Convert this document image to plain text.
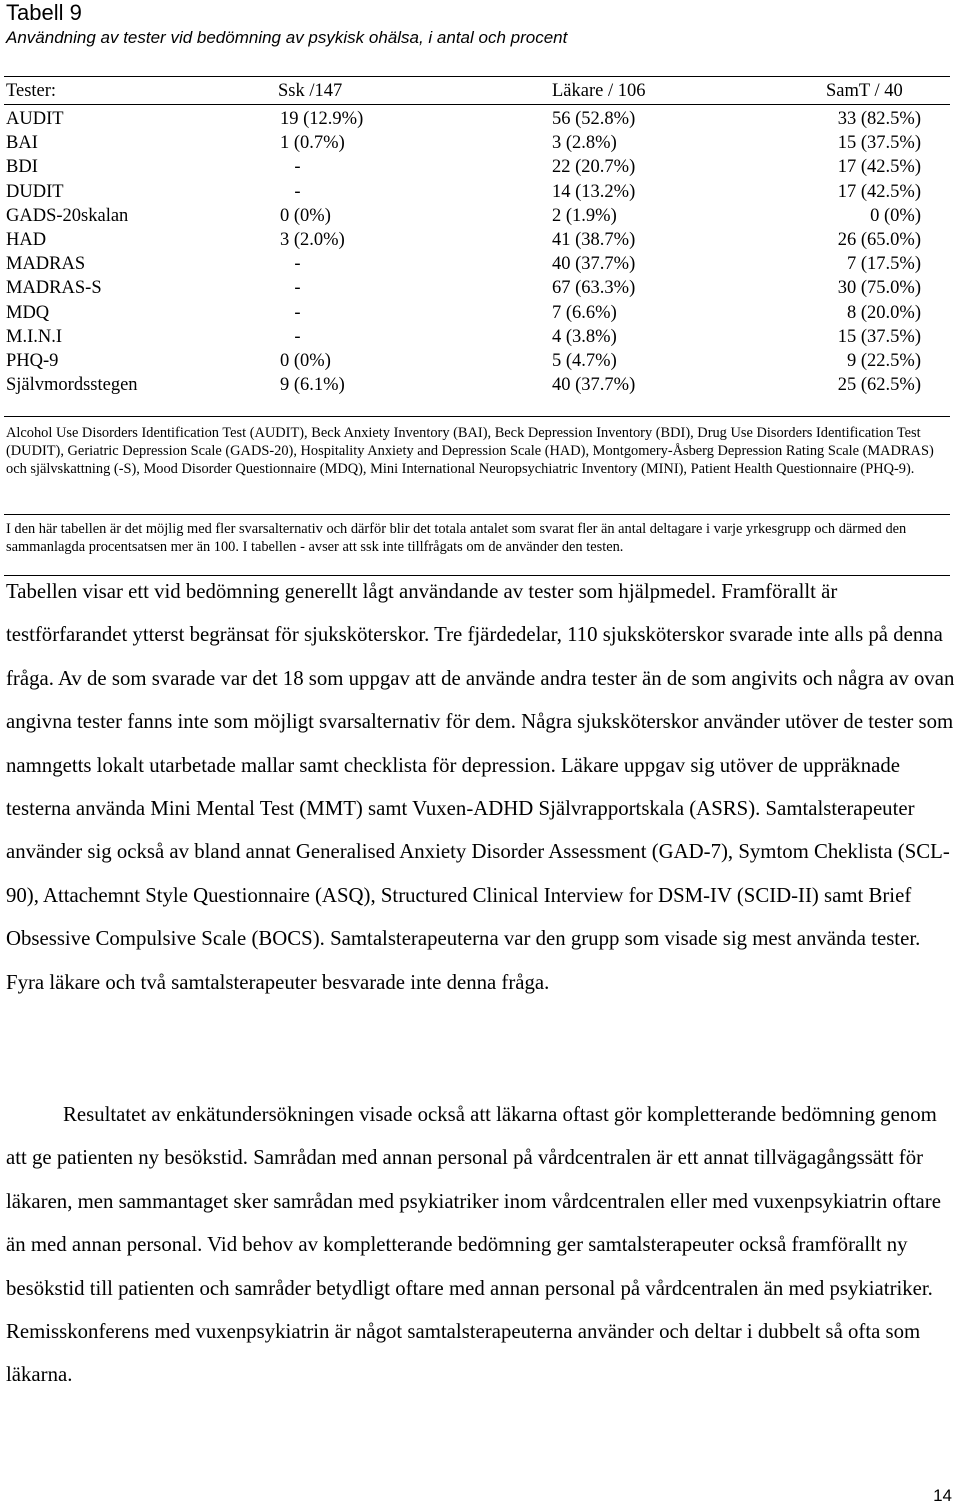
Tabell 9
Användning av tester vid bedömning av psykisk ohälsa, i antal och procent
Tester:	Ssk /147	Läkare / 106	SamT / 40
AUDIT	19 (12.9%)	56 (52.8%)	33 (82.5%)
BAI	1 (0.7%)	3 (2.8%)	15 (37.5%)
BDI	-	22 (20.7%)	17 (42.5%)
DUDIT	-	14 (13.2%)	17 (42.5%)
GADS-20skalan	0 (0%)	2 (1.9%)	0 (0%)
HAD	3 (2.0%)	41 (38.7%)	26 (65.0%)
MADRAS	-	40 (37.7%)	7 (17.5%)
MADRAS-S	-	67 (63.3%)	30 (75.0%)
MDQ	-	7 (6.6%)	8 (20.0%)
M.I.N.I	-	4 (3.8%)	15 (37.5%)
PHQ-9	0 (0%)	5 (4.7%)	9 (22.5%)
Självmordsstegen	9 (6.1%)	40 (37.7%)	25 (62.5%)
Alcohol Use Disorders Identification Test (AUDIT), Beck Anxiety Inventory (BAI), Beck Depression Inventory (BDI), Drug Use Disorders Identification Test (DUDIT), Geriatric Depression Scale (GADS-20), Hospitality Anxiety and Depression Scale (HAD), Montgomery-Åsberg Depression Rating Scale (MADRAS) och självskattning (-S), Mood Disorder Questionnaire (MDQ), Mini International Neuropsychiatric Inventory (MINI), Patient Health Questionnaire (PHQ-9).
I den här tabellen är det möjlig med fler svarsalternativ och därför blir det totala antalet som svarat fler än antal deltagare i varje yrkesgrupp och därmed den sammanlagda procentsatsen mer än 100. I tabellen - avser att ssk inte tillfrågats om de använder den testen.

Tabellen visar ett vid bedömning generellt lågt användande av tester som hjälpmedel. Framförallt är testförfarandet ytterst begränsat för sjuksköterskor. Tre fjärdedelar, 110 sjuksköterskor svarade inte alls på denna fråga. Av de som svarade var det 18 som uppgav att de använde andra tester än de som angivits och några av ovan angivna tester fanns inte som möjligt svarsalternativ för dem. Några sjuksköterskor använder utöver de tester som namngetts lokalt utarbetade mallar samt checklista för depression. Läkare uppgav sig utöver de uppräknade testerna använda Mini Mental Test (MMT) samt Vuxen-ADHD Självrapportskala (ASRS). Samtalsterapeuter använder sig också av bland annat Generalised Anxiety Disorder Assessment (GAD-7), Symtom Cheklista (SCL-90), Attachemnt Style Questionnaire (ASQ), Structured Clinical Interview for DSM-IV (SCID-II) samt Brief Obsessive Compulsive Scale (BOCS). Samtalsterapeuterna var den grupp som visade sig mest använda tester. Fyra läkare och två samtalsterapeuter besvarade inte denna fråga.

Resultatet av enkätundersökningen visade också att läkarna oftast gör kompletterande bedömning genom att ge patienten ny besökstid. Samrådan med annan personal på vårdcentralen är ett annat tillvägagångssätt för läkaren, men sammantaget sker samrådan med psykiatriker inom vårdcentralen eller med vuxenpsykiatrin oftare än med annan personal. Vid behov av kompletterande bedömning ger samtalsterapeuter också framförallt ny besökstid till patienten och samråder betydligt oftare med annan personal på vårdcentralen än med psykiatriker. Remisskonferens med vuxenpsykiatrin är något samtalsterapeuterna använder och deltar i dubbelt så ofta som läkarna.

14
